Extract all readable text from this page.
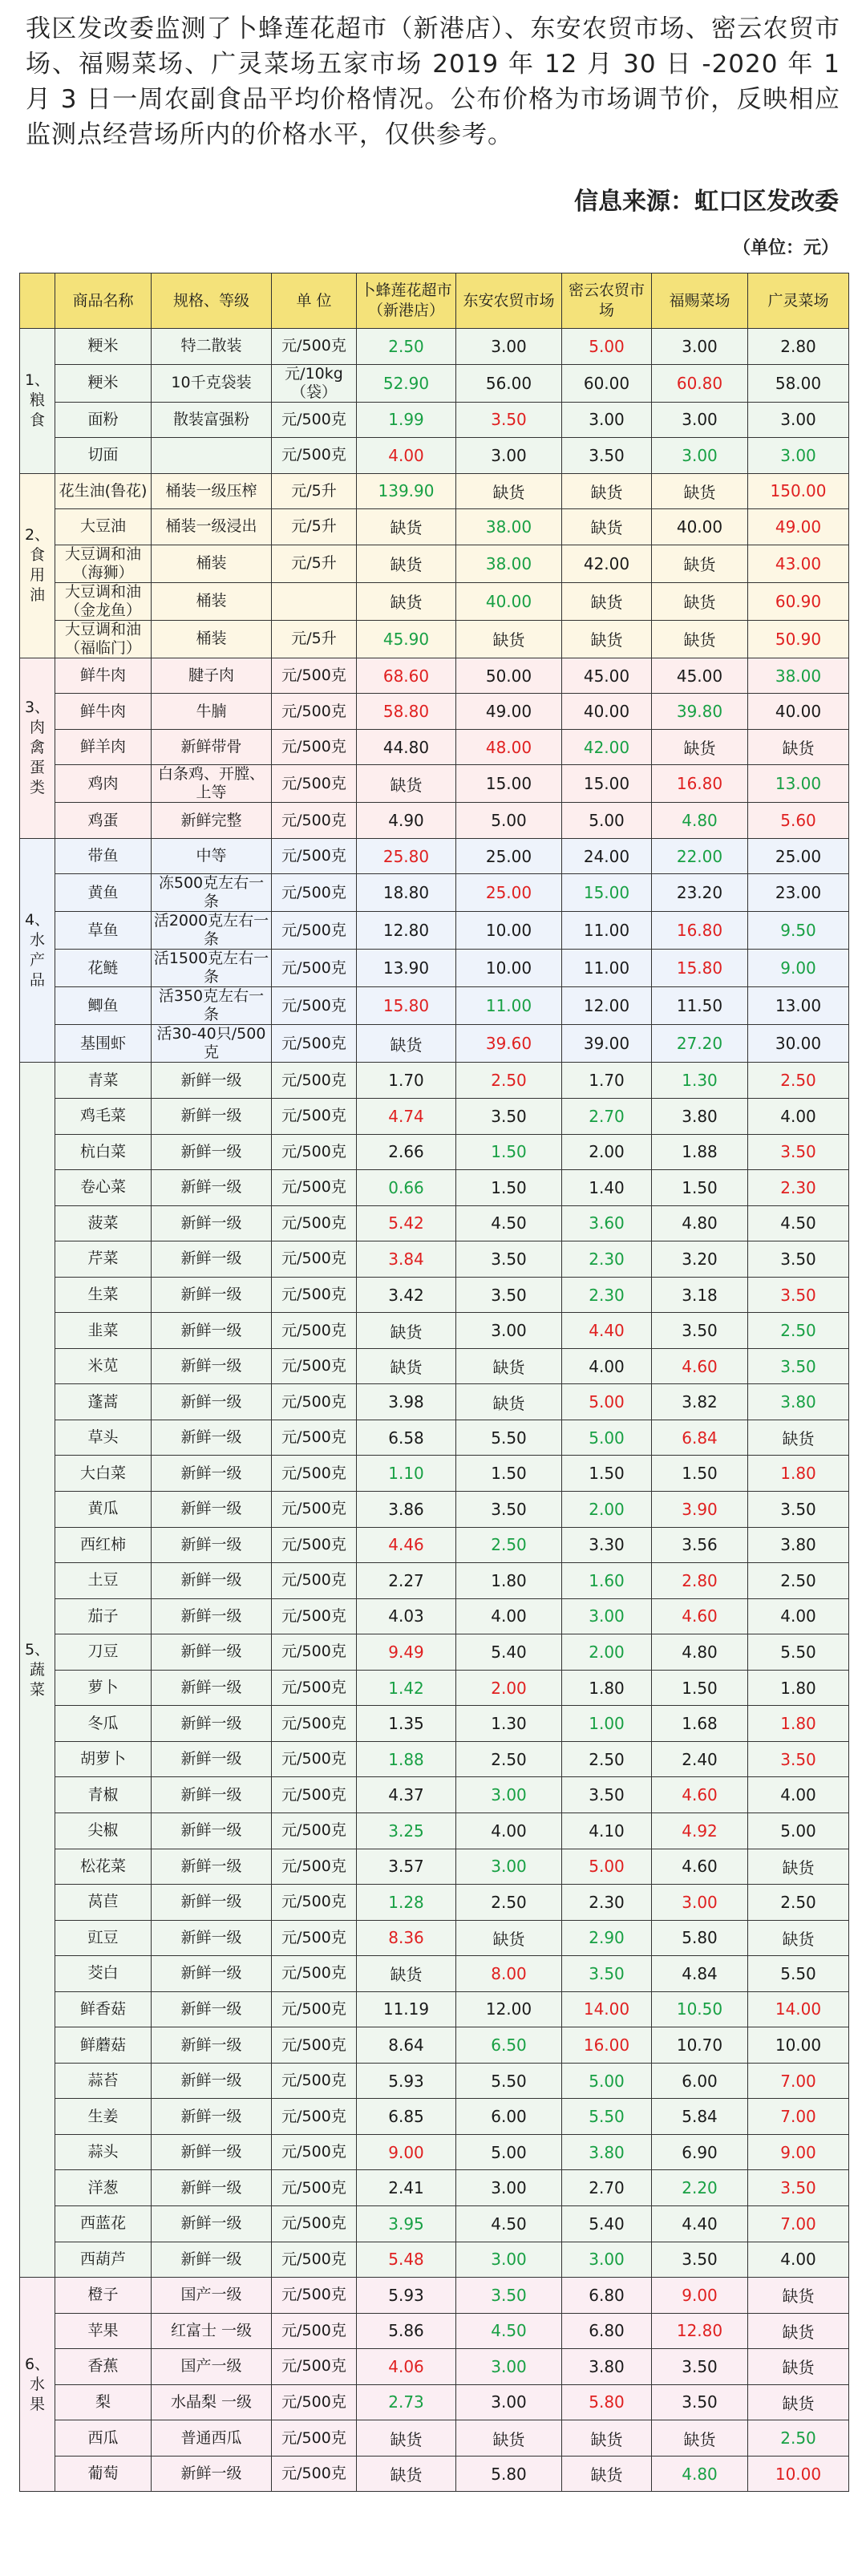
我区发改委监测了卜蜂莲花超市（新港店）、东安农贸市场、密云农贸市场、福赐菜场、广灵菜场五家市场 2019 年 12 月 30 日 -2020 年 1 月 3 日一周农副食品平均价格情况。公布价格为市场调节价，反映相应监测点经营场所内的价格水平，仅供参考。
信息来源：虹口区发改委
（单位：元）
	商品名称	规格、等级	单 位	卜蜂莲花超市（新港店）	东安农贸市场	密云农贸市场	福赐菜场	广灵菜场
1、粮食	粳米	特二散装	元/500克	2.50	3.00	5.00	3.00	2.80
	粳米	10千克袋装	元/10kg（袋）	52.90	56.00	60.00	60.80	58.00
	面粉	散装富强粉	元/500克	1.99	3.50	3.00	3.00	3.00
	切面		元/500克	4.00	3.00	3.50	3.00	3.00
2、食用油	花生油(鲁花)	桶装一级压榨	元/5升	139.90	缺货	缺货	缺货	150.00
	大豆油	桶装一级浸出	元/5升	缺货	38.00	缺货	40.00	49.00
	大豆调和油（海狮）	桶装	元/5升	缺货	38.00	42.00	缺货	43.00
	大豆调和油（金龙鱼）	桶装		缺货	40.00	缺货	缺货	60.90
	大豆调和油（福临门）	桶装	元/5升	45.90	缺货	缺货	缺货	50.90
3、肉禽蛋类	鲜牛肉	腱子肉	元/500克	68.60	50.00	45.00	45.00	38.00
	鲜牛肉	牛腩	元/500克	58.80	49.00	40.00	39.80	40.00
	鲜羊肉	新鲜带骨	元/500克	44.80	48.00	42.00	缺货	缺货
	鸡肉	白条鸡、开膛、上等	元/500克	缺货	15.00	15.00	16.80	13.00
	鸡蛋	新鲜完整	元/500克	4.90	5.00	5.00	4.80	5.60
4、水产品	带鱼	中等	元/500克	25.80	25.00	24.00	22.00	25.00
	黄鱼	冻500克左右一条	元/500克	18.80	25.00	15.00	23.20	23.00
	草鱼	活2000克左右一条	元/500克	12.80	10.00	11.00	16.80	9.50
	花鲢	活1500克左右一条	元/500克	13.90	10.00	11.00	15.80	9.00
	鲫鱼	活350克左右一条	元/500克	15.80	11.00	12.00	11.50	13.00
	基围虾	活30-40只/500克	元/500克	缺货	39.60	39.00	27.20	30.00
5、蔬菜	青菜	新鲜一级	元/500克	1.70	2.50	1.70	1.30	2.50
	鸡毛菜	新鲜一级	元/500克	4.74	3.50	2.70	3.80	4.00
	杭白菜	新鲜一级	元/500克	2.66	1.50	2.00	1.88	3.50
	卷心菜	新鲜一级	元/500克	0.66	1.50	1.40	1.50	2.30
	菠菜	新鲜一级	元/500克	5.42	4.50	3.60	4.80	4.50
	芹菜	新鲜一级	元/500克	3.84	3.50	2.30	3.20	3.50
	生菜	新鲜一级	元/500克	3.42	3.50	2.30	3.18	3.50
	韭菜	新鲜一级	元/500克	缺货	3.00	4.40	3.50	2.50
	米苋	新鲜一级	元/500克	缺货	缺货	4.00	4.60	3.50
	蓬蒿	新鲜一级	元/500克	3.98	缺货	5.00	3.82	3.80
	草头	新鲜一级	元/500克	6.58	5.50	5.00	6.84	缺货
	大白菜	新鲜一级	元/500克	1.10	1.50	1.50	1.50	1.80
	黄瓜	新鲜一级	元/500克	3.86	3.50	2.00	3.90	3.50
	西红柿	新鲜一级	元/500克	4.46	2.50	3.30	3.56	3.80
	土豆	新鲜一级	元/500克	2.27	1.80	1.60	2.80	2.50
	茄子	新鲜一级	元/500克	4.03	4.00	3.00	4.60	4.00
	刀豆	新鲜一级	元/500克	9.49	5.40	2.00	4.80	5.50
	萝卜	新鲜一级	元/500克	1.42	2.00	1.80	1.50	1.80
	冬瓜	新鲜一级	元/500克	1.35	1.30	1.00	1.68	1.80
	胡萝卜	新鲜一级	元/500克	1.88	2.50	2.50	2.40	3.50
	青椒	新鲜一级	元/500克	4.37	3.00	3.50	4.60	4.00
	尖椒	新鲜一级	元/500克	3.25	4.00	4.10	4.92	5.00
	松花菜	新鲜一级	元/500克	3.57	3.00	5.00	4.60	缺货
	莴苣	新鲜一级	元/500克	1.28	2.50	2.30	3.00	2.50
	豇豆	新鲜一级	元/500克	8.36	缺货	2.90	5.80	缺货
	茭白	新鲜一级	元/500克	缺货	8.00	3.50	4.84	5.50
	鲜香菇	新鲜一级	元/500克	11.19	12.00	14.00	10.50	14.00
	鲜蘑菇	新鲜一级	元/500克	8.64	6.50	16.00	10.70	10.00
	蒜苔	新鲜一级	元/500克	5.93	5.50	5.00	6.00	7.00
	生姜	新鲜一级	元/500克	6.85	6.00	5.50	5.84	7.00
	蒜头	新鲜一级	元/500克	9.00	5.00	3.80	6.90	9.00
	洋葱	新鲜一级	元/500克	2.41	3.00	2.70	2.20	3.50
	西蓝花	新鲜一级	元/500克	3.95	4.50	5.40	4.40	7.00
	西葫芦	新鲜一级	元/500克	5.48	3.00	3.00	3.50	4.00
6、水果	橙子	国产一级	元/500克	5.93	3.50	6.80	9.00	缺货
	苹果	红富士 一级	元/500克	5.86	4.50	6.80	12.80	缺货
	香蕉	国产一级	元/500克	4.06	3.00	3.80	3.50	缺货
	梨	水晶梨 一级	元/500克	2.73	3.00	5.80	3.50	缺货
	西瓜	普通西瓜	元/500克	缺货	缺货	缺货	缺货	2.50
	葡萄	新鲜一级	元/500克	缺货	5.80	缺货	4.80	10.00
